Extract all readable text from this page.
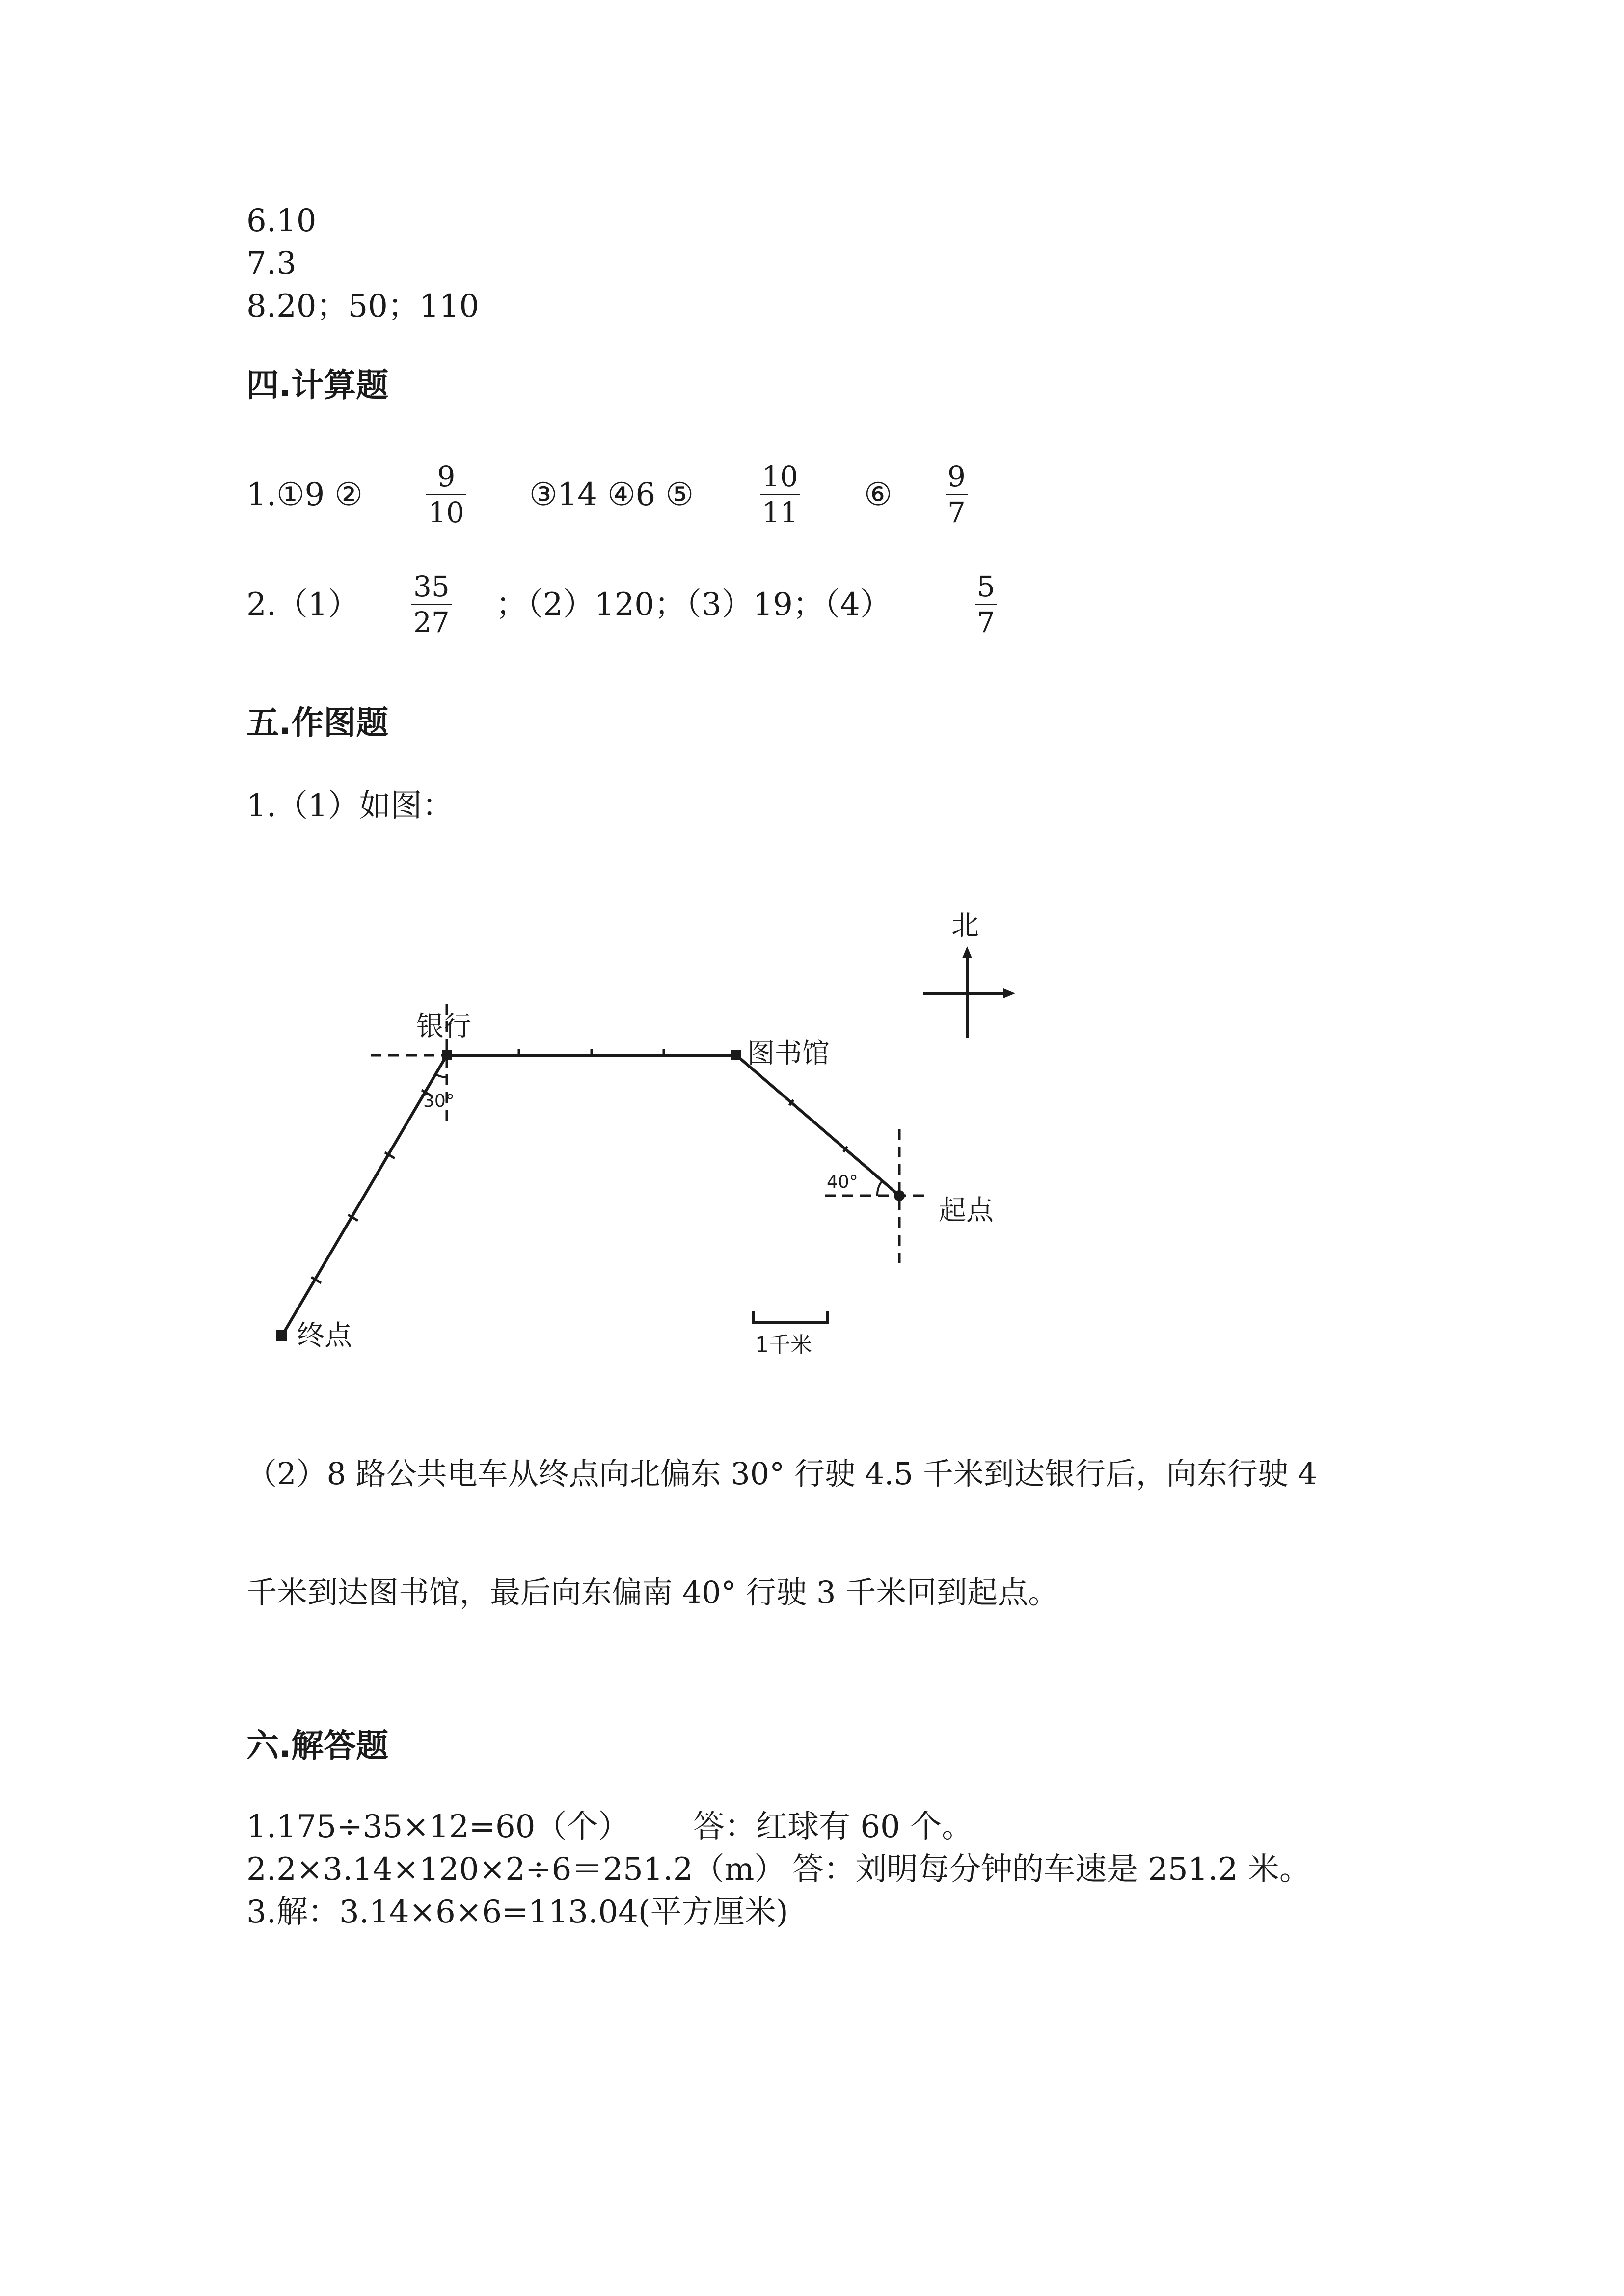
6.10
7.3
8.20；50；110
四.计算题
1.①9 ②	9
10 ③14 ④6 ⑤ 10
11 ⑥ 9
7
2.（1） 35
27 ；（2）120；（3）19；（4）	5
7
五.作图题
1.（1）如图：
北
银行
图书馆
起点
终点
30°
40°
1千米
（2）8 路公共电车从终点向北偏东 30° 行驶 4.5 千米到达银行后，向东行驶 4
千米到达图书馆，最后向东偏南 40° 行驶 3 千米回到起点。
六.解答题
1.175÷35×12=60（个） 答：红球有 60 个。
2.2×3.14×120×2÷6＝251.2（m） 答：刘明每分钟的车速是 251.2 米。
3.解：3.14×6×6=113.04(平方厘米)
